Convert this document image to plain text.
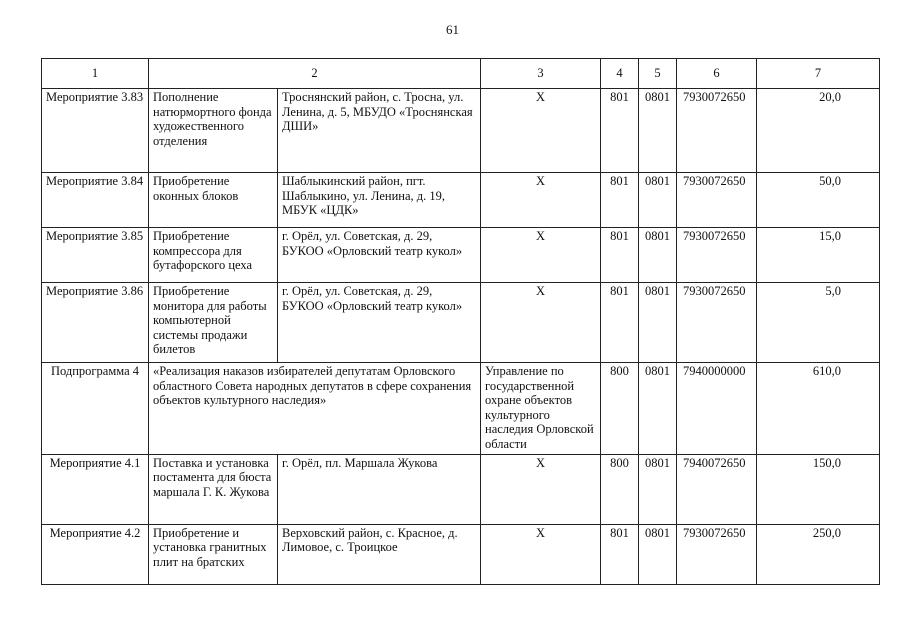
61
1	2		3	4	5	6	7
Мероприятие 3.83	Пополнение натюрмортного фонда художественного отделения	Троснянский район, с. Тросна, ул. Ленина, д. 5, МБУДО «Троснянская ДШИ»	Х	801	0801	7930072650	20,0
Мероприятие 3.84	Приобретение оконных блоков	Шаблыкинский район, пгт. Шаблыкино, ул. Ленина, д. 19, МБУК «ЦДК»	Х	801	0801	7930072650	50,0
Мероприятие 3.85	Приобретение компрессора для бутафорского цеха	г. Орёл, ул. Советская, д. 29, БУКОО «Орловский театр кукол»	Х	801	0801	7930072650	15,0
Мероприятие 3.86	Приобретение монитора для работы компьютерной системы продажи билетов	г. Орёл, ул. Советская, д. 29, БУКОО «Орловский театр кукол»	Х	801	0801	7930072650	5,0
Подпрограмма 4	«Реализация наказов избирателей депутатам Орловского областного Совета народных депутатов в сфере сохранения объектов культурного наследия»		Управление по государственной охране объектов культурного наследия Орловской области	800	0801	7940000000	610,0
Мероприятие 4.1	Поставка и установка постамента для бюста маршала Г. К. Жукова	г. Орёл, пл. Маршала Жукова	Х	800	0801	7940072650	150,0
Мероприятие 4.2	Приобретение и установка гранитных плит на братских	Верховский район, с. Красное, д. Лимовое, с. Троицкое	Х	801	0801	7930072650	250,0
